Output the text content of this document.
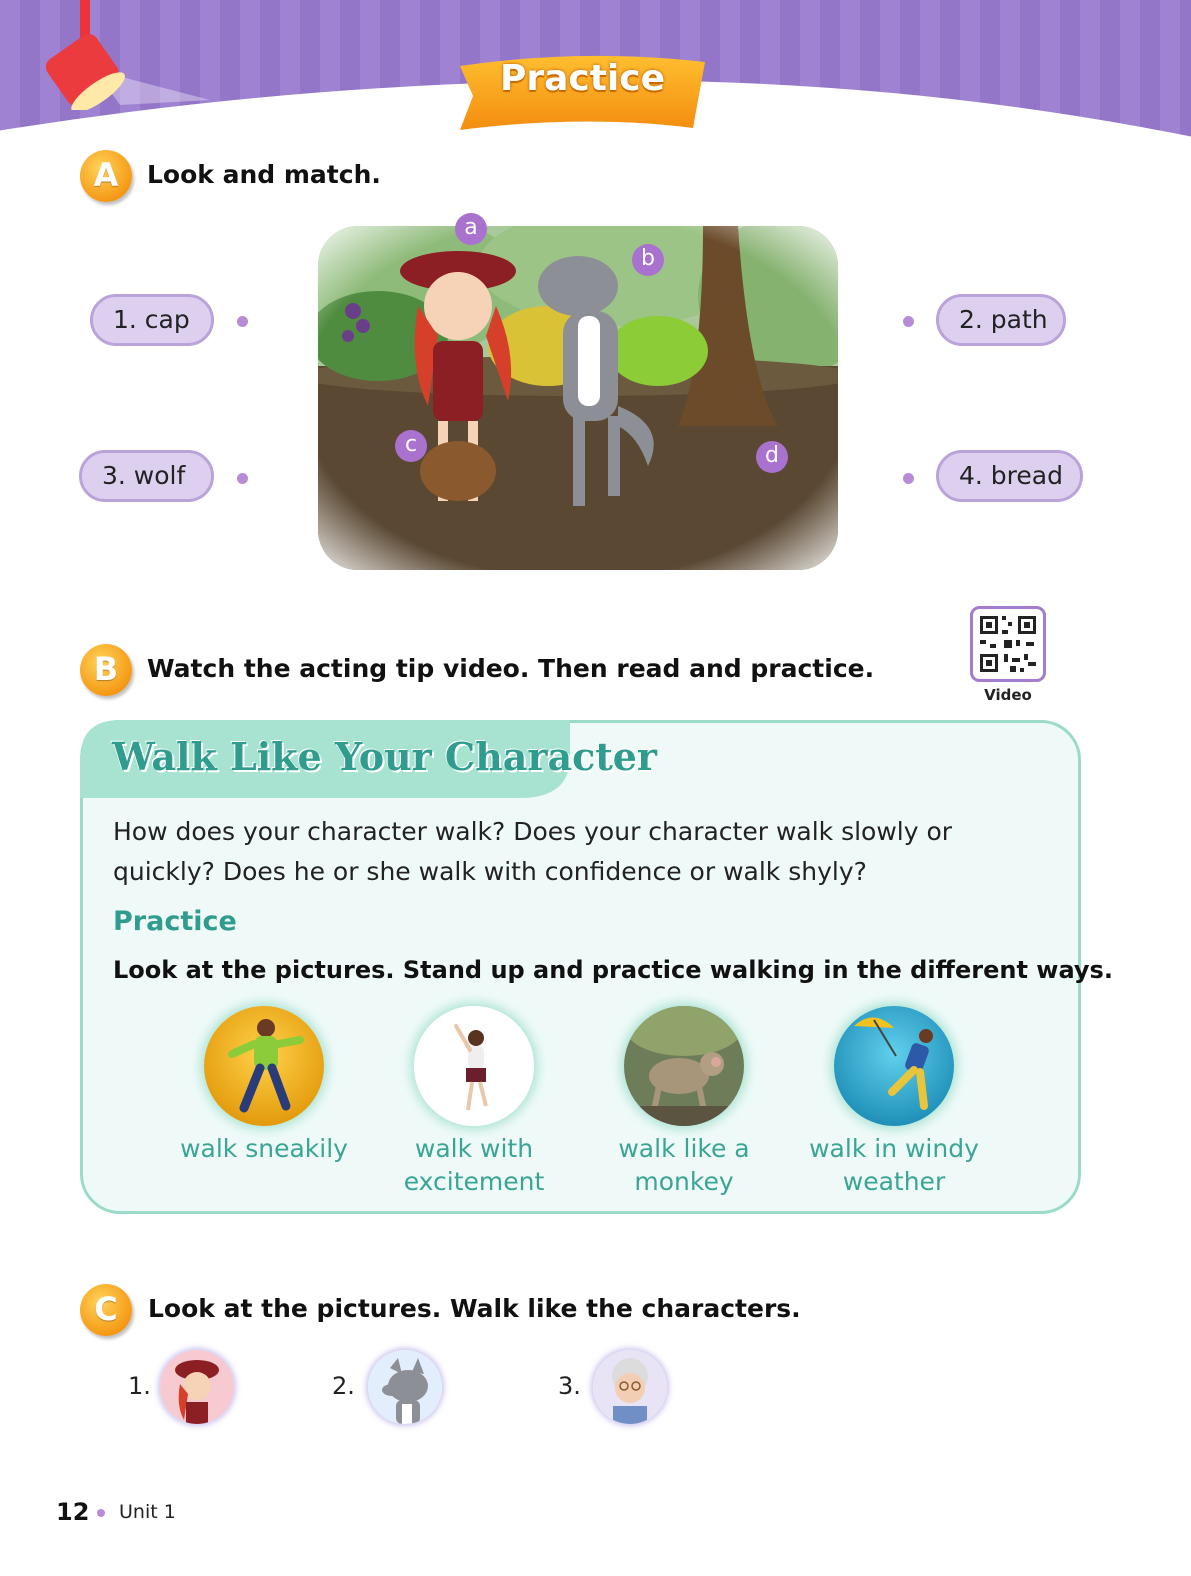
Practice
A	Look and match.
1. cap	2. path
3. wolf	4. bread
a
b
c	d
B	Watch the acting tip video. Then read and practice.
Video
Walk Like Your Character
How does your character walk? Does your character walk slowly or quickly? Does he or she walk with confidence or walk shyly?
Practice
Look at the pictures. Stand up and practice walking in the different ways.
walk sneakily	walk with
excitement
walk like a
monkey
walk in windy
weather
C	Look at the pictures. Walk like the characters.
1.	2.	3.
12 Unit 1
